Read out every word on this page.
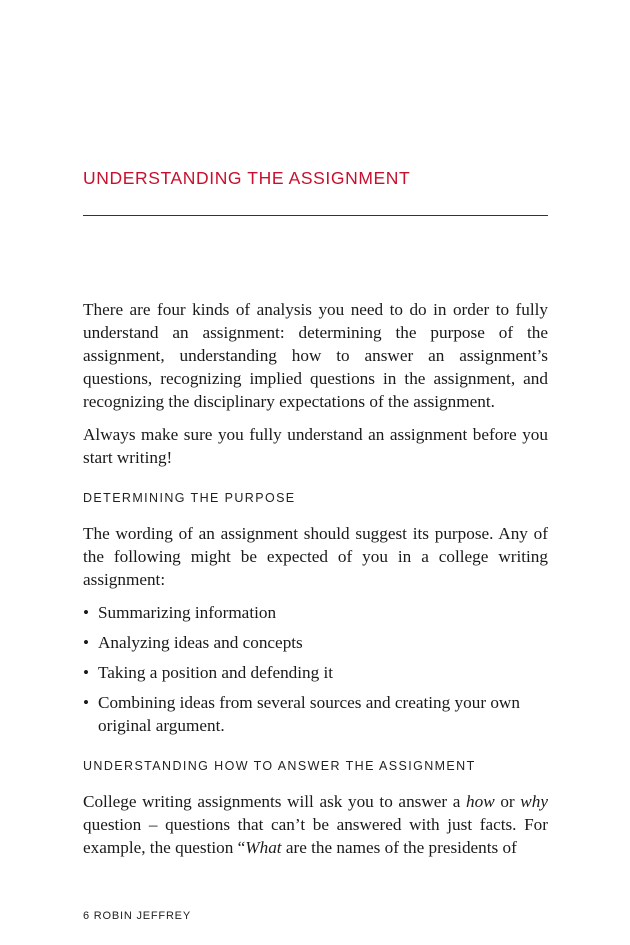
UNDERSTANDING THE ASSIGNMENT

There are four kinds of analysis you need to do in order to fully understand an assignment: determining the purpose of the assignment, understanding how to answer an assignment’s questions, recognizing implied questions in the assignment, and recognizing the disciplinary expectations of the assignment.

Always make sure you fully understand an assignment before you start writing!

DETERMINING THE PURPOSE

The wording of an assignment should suggest its purpose. Any of the following might be expected of you in a college writing assignment:

• Summarizing information
• Analyzing ideas and concepts
• Taking a position and defending it
• Combining ideas from several sources and creating your own original argument.
UNDERSTANDING HOW TO ANSWER THE ASSIGNMENT

College writing assignments will ask you to answer a how or why question – questions that can’t be answered with just facts. For example, the question “What are the names of the presidents of

6 ROBIN JEFFREY
